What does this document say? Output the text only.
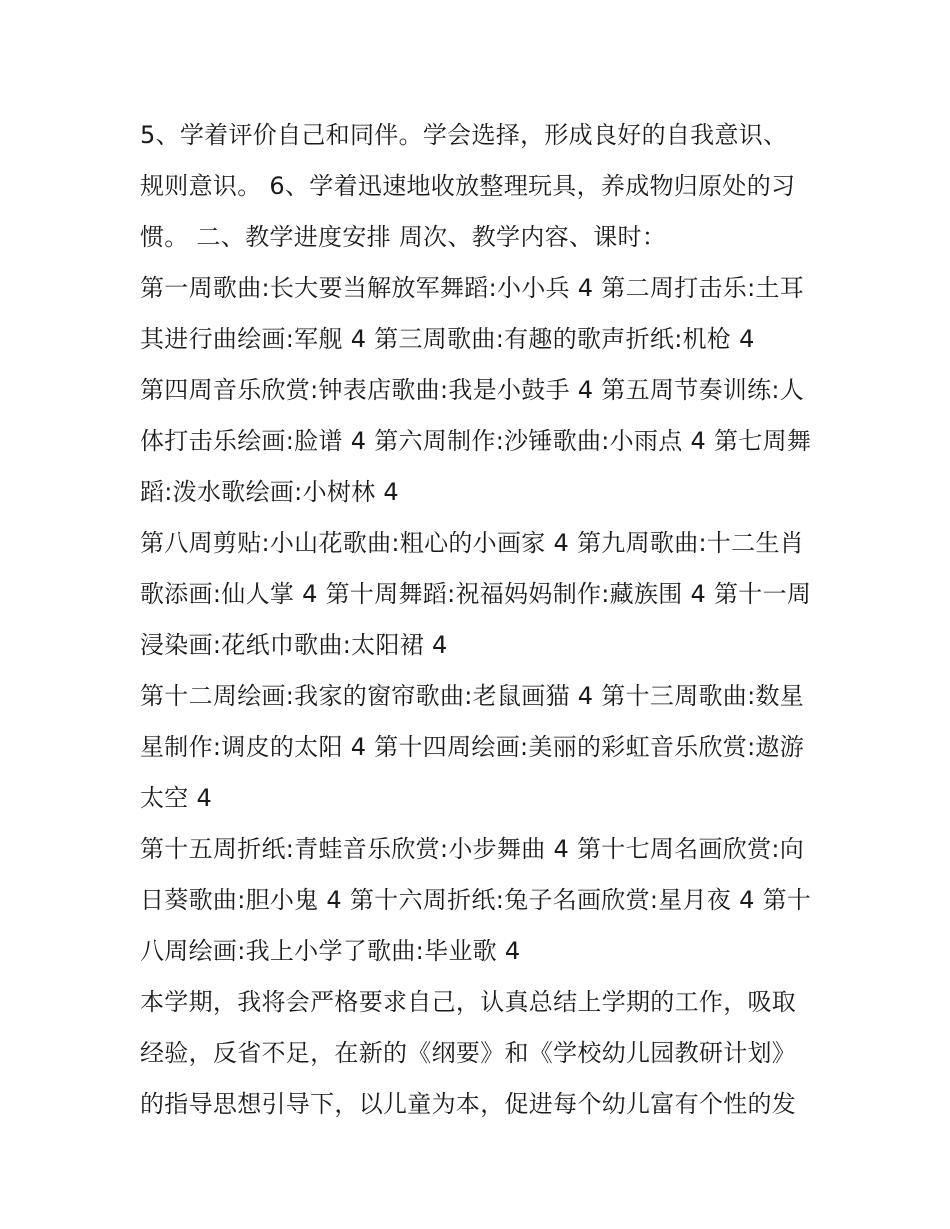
5、学着评价自己和同伴。学会选择，形成良好的自我意识、
规则意识。 6、学着迅速地收放整理玩具，养成物归原处的习
惯。 二、教学进度安排 周次、教学内容、课时：
第一周歌曲:长大要当解放军舞蹈:小小兵 4 第二周打击乐:土耳
其进行曲绘画:军舰 4 第三周歌曲:有趣的歌声折纸:机枪 4
第四周音乐欣赏:钟表店歌曲:我是小鼓手 4 第五周节奏训练:人
体打击乐绘画:脸谱 4 第六周制作:沙锤歌曲:小雨点 4 第七周舞
蹈:泼水歌绘画:小树林 4
第八周剪贴:小山花歌曲:粗心的小画家 4 第九周歌曲:十二生肖
歌添画:仙人掌 4 第十周舞蹈:祝福妈妈制作:藏族围 4 第十一周
浸染画:花纸巾歌曲:太阳裙 4
第十二周绘画:我家的窗帘歌曲:老鼠画猫 4 第十三周歌曲:数星
星制作:调皮的太阳 4 第十四周绘画:美丽的彩虹音乐欣赏:遨游
太空 4
第十五周折纸:青蛙音乐欣赏:小步舞曲 4 第十七周名画欣赏:向
日葵歌曲:胆小鬼 4 第十六周折纸:兔子名画欣赏:星月夜 4 第十
八周绘画:我上小学了歌曲:毕业歌 4
本学期，我将会严格要求自己，认真总结上学期的工作，吸取
经验，反省不足，在新的《纲要》和《学校幼儿园教研计划》
的指导思想引导下，以儿童为本，促进每个幼儿富有个性的发
